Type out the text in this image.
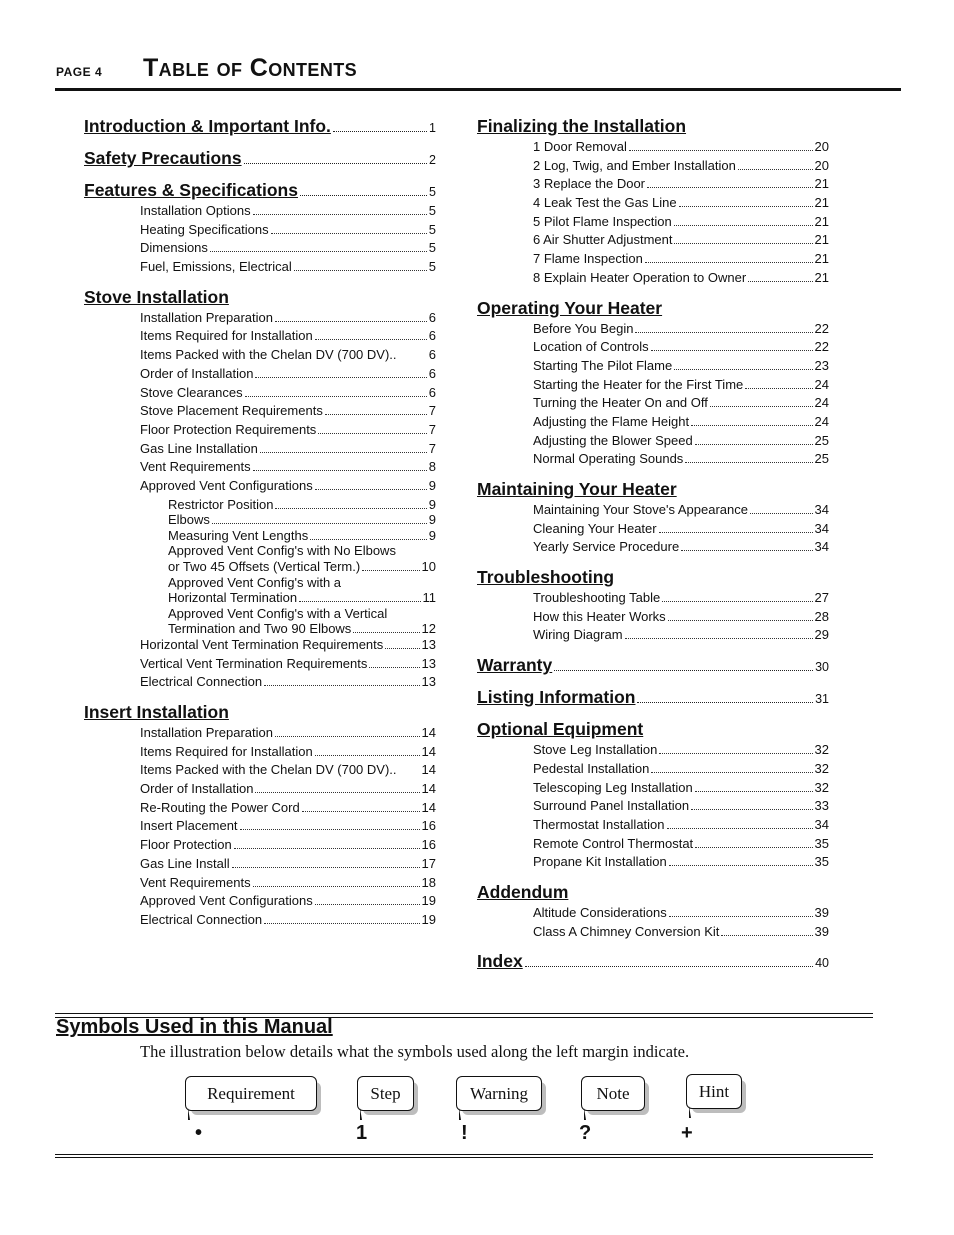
PAGE 4 Table of Contents
Introduction & Important Info.	1
Safety Precautions	2
Features & Specifications	5
Installation Options	5
Heating Specifications	5
Dimensions	5
Fuel, Emissions, Electrical	5
Stove Installation
Installation Preparation	6
Items Required for Installation	6
Items Packed with the Chelan DV (700 DV).. 6
Order of Installation	6
Stove Clearances	6
Stove Placement Requirements	7
Floor Protection Requirements	7
Gas Line Installation	7
Vent Requirements	8
Approved Vent Configurations	9
Restrictor Position	9
Elbows	9
Measuring Vent Lengths	9
Approved Vent Config's with No Elbows
or Two 45 Offsets (Vertical Term.)	10
Approved Vent Config's with a
Horizontal Termination	11
Approved Vent Config's with a Vertical
Termination and Two 90 Elbows	12
Horizontal Vent Termination Requirements	13
Vertical Vent Termination Requirements	13
Electrical Connection	13
Insert Installation
Installation Preparation	14
Items Required for Installation	14
Items Packed with the Chelan DV (700 DV).. 14
Order of Installation	14
Re-Routing the Power Cord	14
Insert Placement	16
Floor Protection	16
Gas Line Install	17
Vent Requirements	18
Approved Vent Configurations	19
Electrical Connection	19
Finalizing the Installation
1 Door Removal	20
2 Log, Twig, and Ember Installation	20
3 Replace the Door	21
4 Leak Test the Gas Line	21
5 Pilot Flame Inspection	21
6 Air Shutter Adjustment	21
7 Flame Inspection	21
8 Explain Heater Operation to Owner	21
Operating Your Heater
Before You Begin	22
Location of Controls	22
Starting The Pilot Flame	23
Starting the Heater for the First Time	24
Turning the Heater On and Off	24
Adjusting the Flame Height	24
Adjusting the Blower Speed	25
Normal Operating Sounds	25
Maintaining Your Heater
Maintaining Your Stove's Appearance	34
Cleaning Your Heater	34
Yearly Service Procedure	34
Troubleshooting
Troubleshooting Table	27
How this Heater Works	28
Wiring Diagram	29
Warranty	30
Listing Information	31
Optional Equipment
Stove Leg Installation	32
Pedestal Installation	32
Telescoping Leg Installation	32
Surround Panel Installation	33
Thermostat Installation	34
Remote Control Thermostat	35
Propane Kit Installation	35
Addendum
Altitude Considerations	39
Class A Chimney Conversion Kit	39
Index	40
Symbols Used in this Manual
The illustration below details what the symbols used along the left margin indicate.
Requirement
•
Step
1
Warning
!
Note
?
Hint
+
